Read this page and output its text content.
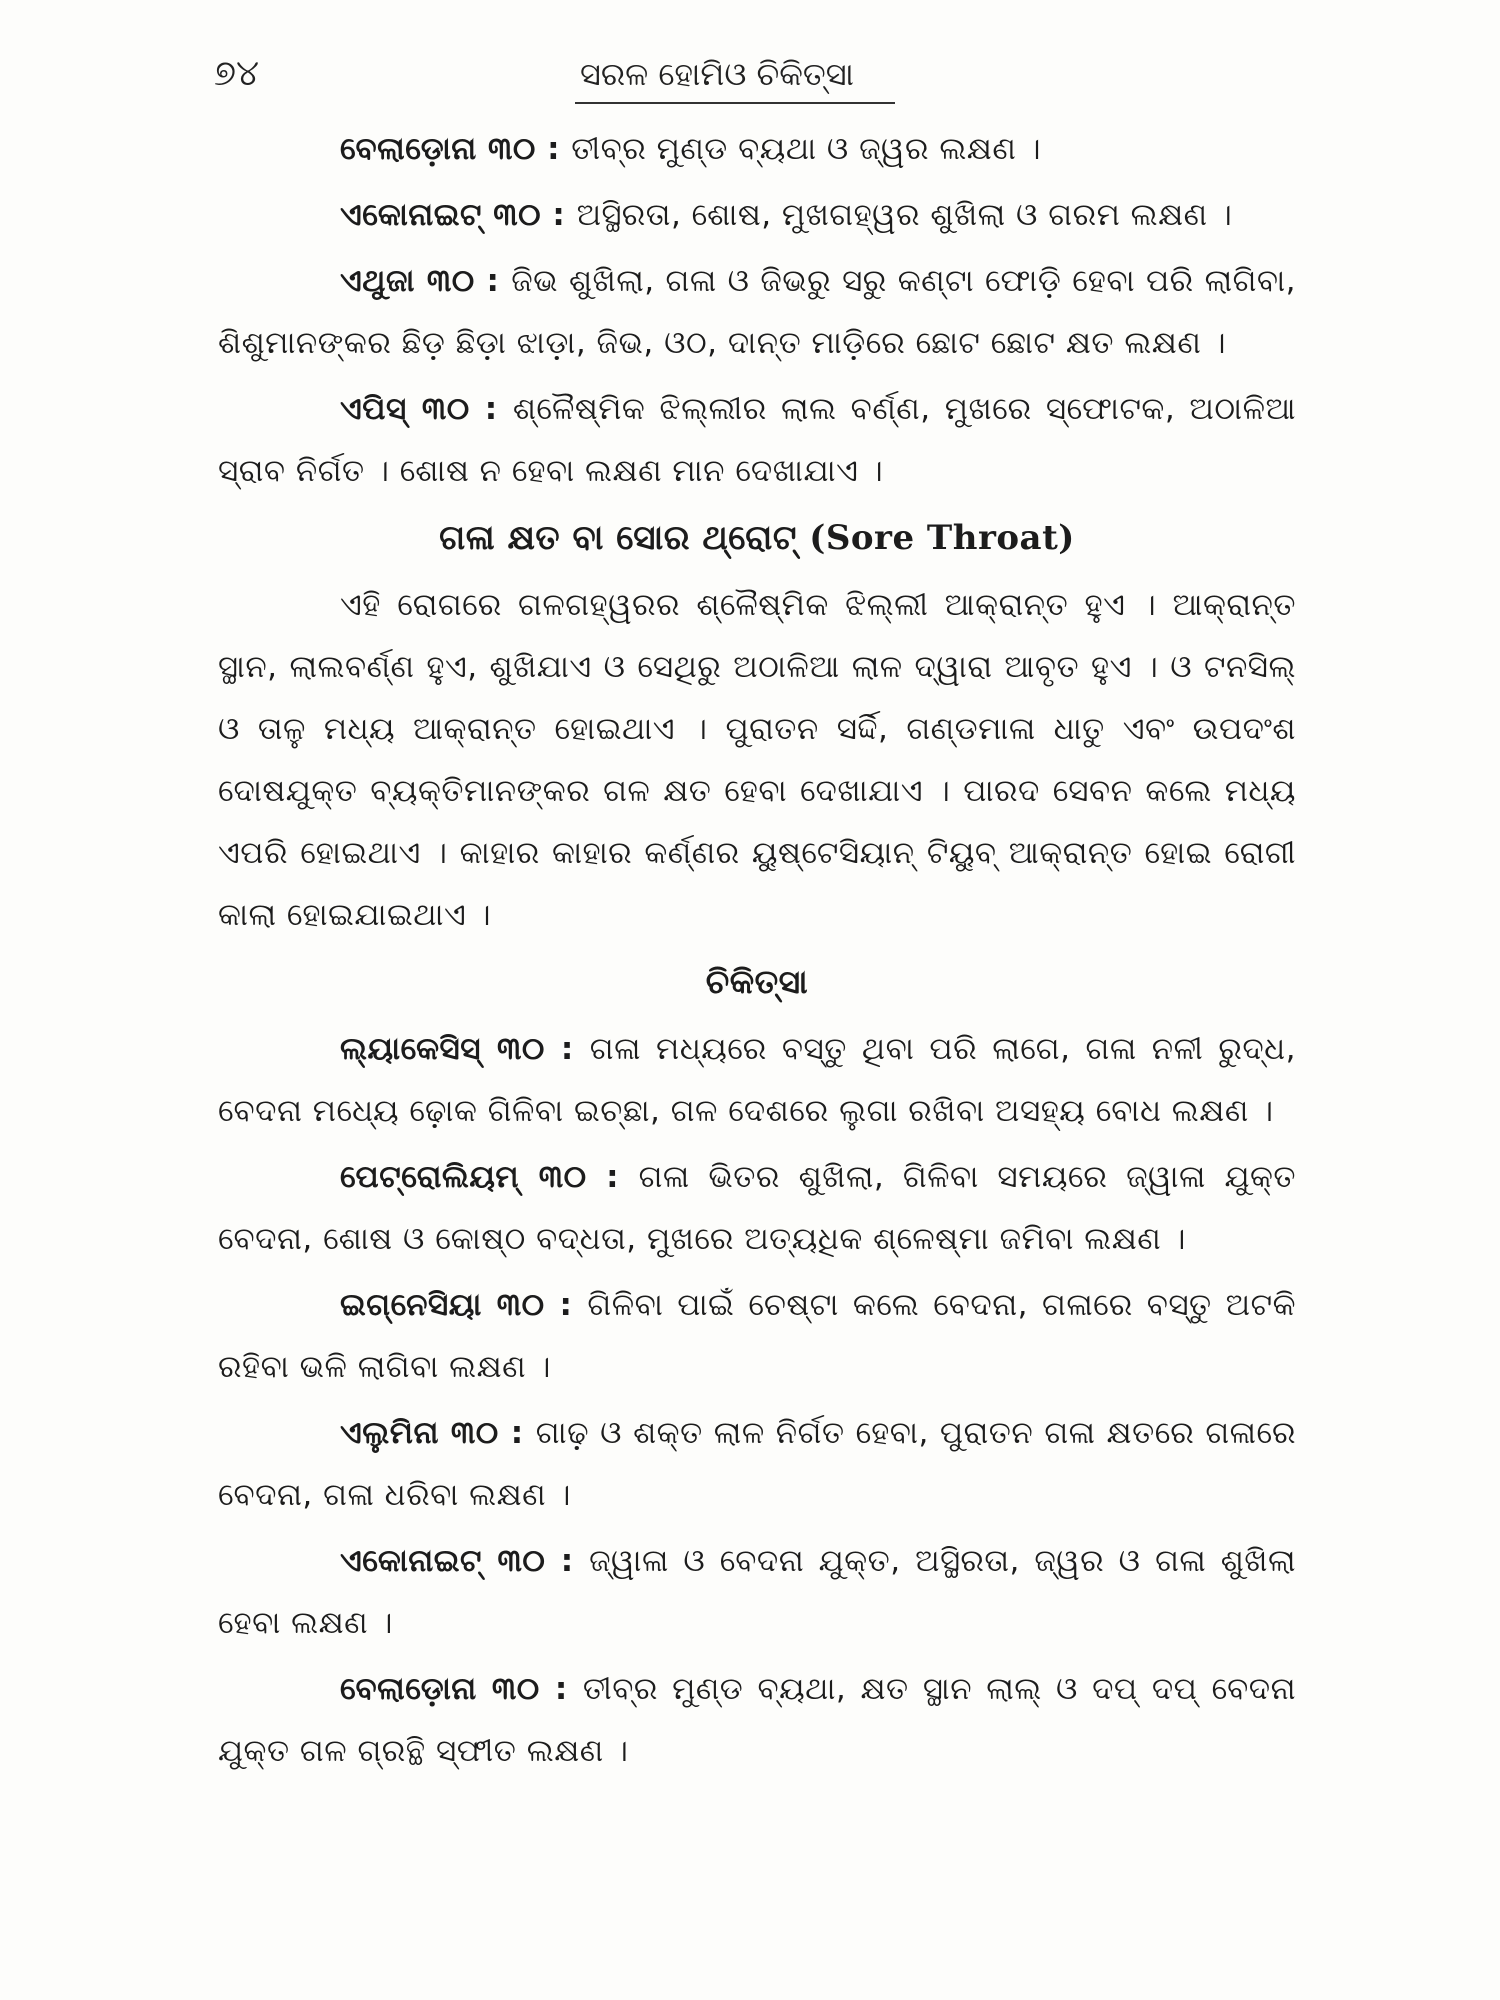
୭୪	ସରଳ ହୋମିଓ ଚିକିତ୍ସା

ବେଲାଡ଼ୋନା ୩୦ : ତୀବ୍ର ମୁଣ୍ଡ ବ୍ୟଥା ଓ ଜ୍ୱର ଲକ୍ଷଣ ।

ଏକୋନାଇଟ୍ ୩୦ : ଅସ୍ଥିରତା, ଶୋଷ, ମୁଖଗହ୍ୱର ଶୁଖିଲା ଓ ଗରମ ଲକ୍ଷଣ ।

ଏଥୁଜା ୩୦ : ଜିଭ ଶୁଖିଲା, ଗଳା ଓ ଜିଭରୁ ସରୁ କଣ୍ଟା ଫୋଡ଼ି ହେବା ପରି ଲାଗିବା, ଶିଶୁମାନଙ୍କର ଛିଡ଼ ଛିଡ଼ା ଝାଡ଼ା, ଜିଭ, ଓଠ, ଦାନ୍ତ ମାଡ଼ିରେ ଛୋଟ ଛୋଟ କ୍ଷତ ଲକ୍ଷଣ ।

ଏପିସ୍ ୩୦ : ଶ୍ଳୈଷ୍ମିକ ଝିଲ୍ଲୀର ଲାଲ ବର୍ଣ୍ଣ, ମୁଖରେ ସ୍ଫୋଟକ, ଅଠାଳିଆ ସ୍ରାବ ନିର୍ଗତ । ଶୋଷ ନ ହେବା ଲକ୍ଷଣ ମାନ ଦେଖାଯାଏ ।

ଗଳା କ୍ଷତ ବା ସୋର ଥ୍ରୋଟ୍ (Sore Throat)

ଏହି ରୋଗରେ ଗଳଗହ୍ୱରର ଶ୍ଳୈଷ୍ମିକ ଝିଲ୍ଲୀ ଆକ୍ରାନ୍ତ ହୁଏ । ଆକ୍ରାନ୍ତ ସ୍ଥାନ, ଲାଲବର୍ଣ୍ଣ ହୁଏ, ଶୁଖିଯାଏ ଓ ସେଥିରୁ ଅଠାଳିଆ ଲାଳ ଦ୍ୱାରା ଆବୃତ ହୁଏ । ଓ ଟନସିଲ୍ ଓ ତାଳୁ ମଧ୍ୟ ଆକ୍ରାନ୍ତ ହୋଇଥାଏ । ପୁରାତନ ସର୍ଦ୍ଦି, ଗଣ୍ଡମାଳା ଧାତୁ ଏବଂ ଉପଦଂଶ ଦୋଷଯୁକ୍ତ ବ୍ୟକ୍ତିମାନଙ୍କର ଗଳ କ୍ଷତ ହେବା ଦେଖାଯାଏ । ପାରଦ ସେବନ କଲେ ମଧ୍ୟ ଏପରି ହୋଇଥାଏ । କାହାର କାହାର କର୍ଣ୍ଣର ୟୁଷ୍ଟେସିୟାନ୍ ଟିୟୁବ୍ ଆକ୍ରାନ୍ତ ହୋଇ ରୋଗୀ କାଲା ହୋଇଯାଇଥାଏ ।

ଚିକିତ୍ସା

ଲ୍ୟାକେସିସ୍ ୩୦ : ଗଳା ମଧ୍ୟରେ ବସ୍ତୁ ଥିବା ପରି ଲାଗେ, ଗଳା ନଳୀ ରୁଦ୍ଧ, ବେଦନା ମଧ୍ୟେ ଢ଼ୋକ ଗିଳିବା ଇଚ୍ଛା, ଗଳ ଦେଶରେ ଲୁଗା ରଖିବା ଅସହ୍ୟ ବୋଧ ଲକ୍ଷଣ ।

ପେଟ୍ରୋଲିୟମ୍ ୩୦ : ଗଳା ଭିତର ଶୁଖିଲା, ଗିଳିବା ସମୟରେ ଜ୍ୱାଳା ଯୁକ୍ତ ବେଦନା, ଶୋଷ ଓ କୋଷ୍ଠ ବଦ୍ଧତା, ମୁଖରେ ଅତ୍ୟଧିକ ଶ୍ଳେଷ୍ମା ଜମିବା ଲକ୍ଷଣ ।

ଇଗ୍ନେସିୟା ୩୦ : ଗିଳିବା ପାଇଁ ଚେଷ୍ଟା କଲେ ବେଦନା, ଗଳାରେ ବସ୍ତୁ ଅଟକି ରହିବା ଭଳି ଲାଗିବା ଲକ୍ଷଣ ।

ଏଲୁମିନା ୩୦ : ଗାଢ଼ ଓ ଶକ୍ତ ଲାଳ ନିର୍ଗତ ହେବା, ପୁରାତନ ଗଳା କ୍ଷତରେ ଗଳାରେ ବେଦନା, ଗଳା ଧରିବା ଲକ୍ଷଣ ।

ଏକୋନାଇଟ୍ ୩୦ : ଜ୍ୱାଳା ଓ ବେଦନା ଯୁକ୍ତ, ଅସ୍ଥିରତା, ଜ୍ୱର ଓ ଗଳା ଶୁଖିଲା ହେବା ଲକ୍ଷଣ ।

ବେଲାଡ଼ୋନା ୩୦ : ତୀବ୍ର ମୁଣ୍ଡ ବ୍ୟଥା, କ୍ଷତ ସ୍ଥାନ ଲାଲ୍ ଓ ଦପ୍ ଦପ୍ ବେଦନା ଯୁକ୍ତ ଗଳ ଗ୍ରନ୍ଥି ସ୍ଫୀତ ଲକ୍ଷଣ ।
